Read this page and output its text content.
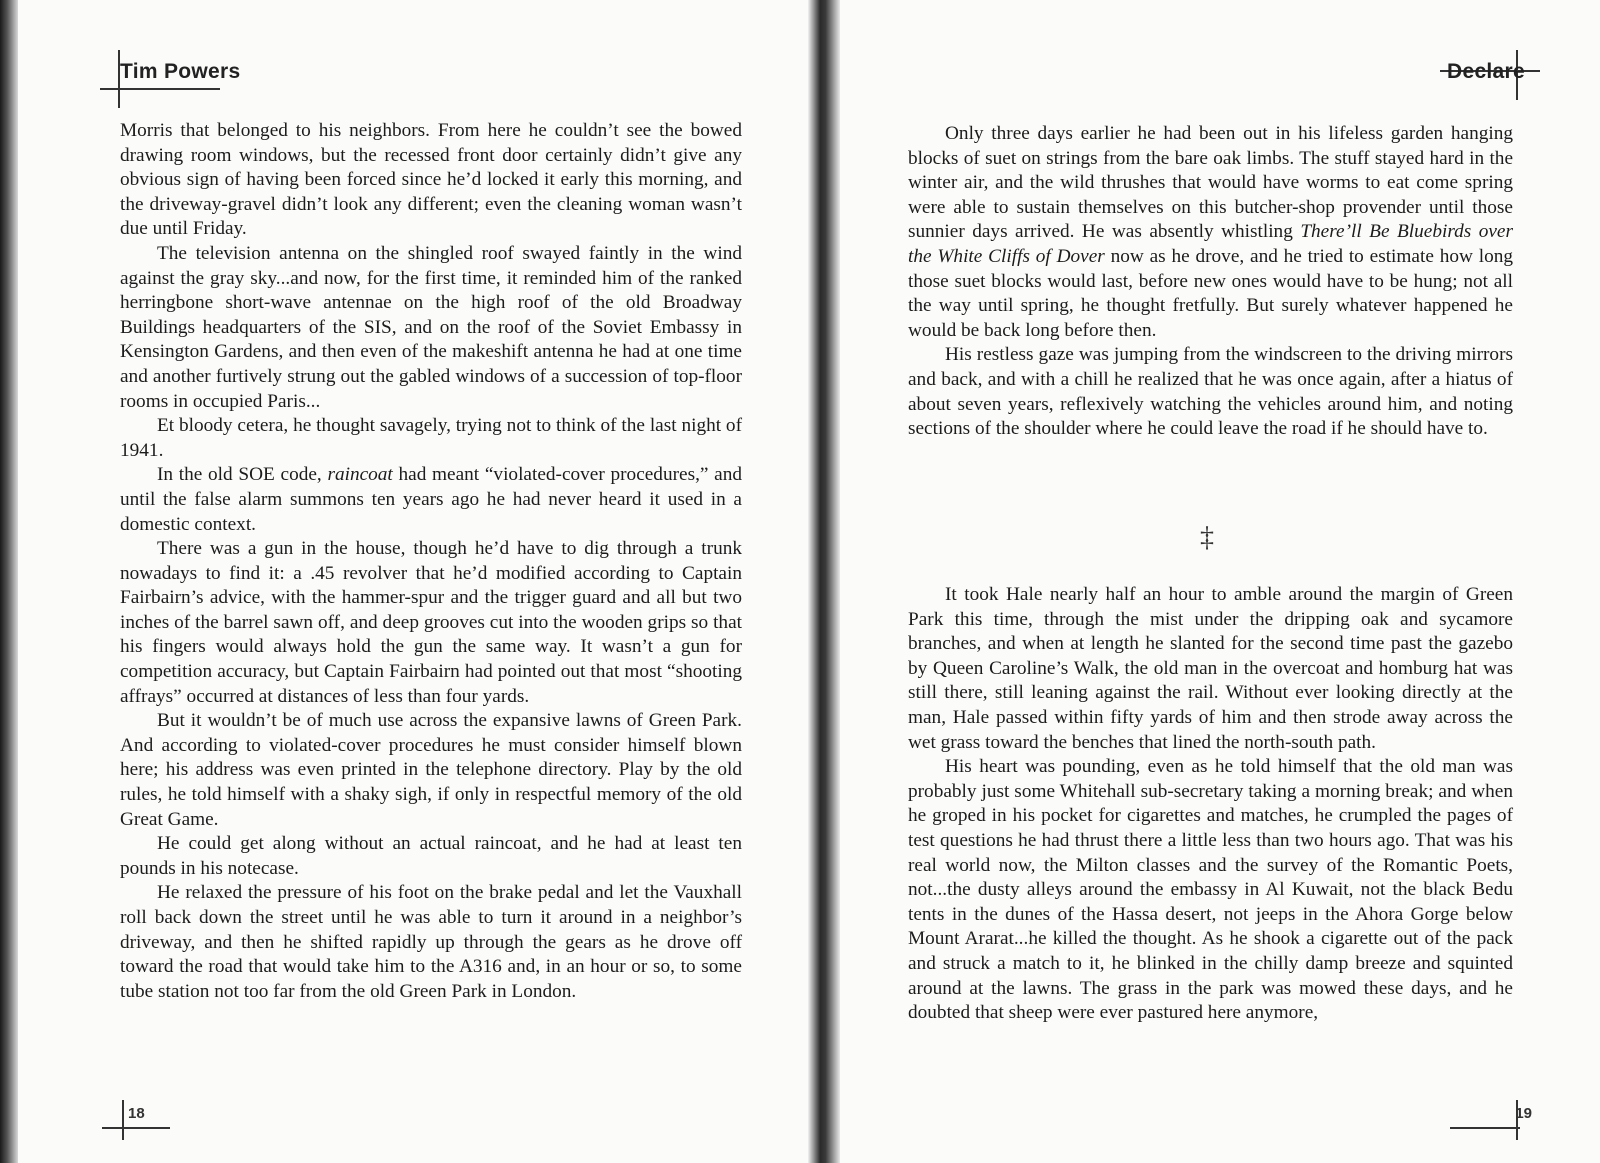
Tim Powers

Morris that belonged to his neighbors. From here he couldn’t see the bowed drawing room windows, but the recessed front door certainly didn’t give any obvious sign of having been forced since he’d locked it early this morning, and the driveway-gravel didn’t look any different; even the cleaning woman wasn’t due until Friday.

The television antenna on the shingled roof swayed faintly in the wind against the gray sky...and now, for the first time, it reminded him of the ranked herringbone short-wave antennae on the high roof of the old Broadway Buildings headquarters of the SIS, and on the roof of the Soviet Embassy in Kensington Gardens, and then even of the makeshift antenna he had at one time and another furtively strung out the gabled windows of a succession of top-floor rooms in occupied Paris...

Et bloody cetera, he thought savagely, trying not to think of the last night of 1941.

In the old SOE code, raincoat had meant “violated-cover procedures,” and until the false alarm summons ten years ago he had never heard it used in a domestic context.

There was a gun in the house, though he’d have to dig through a trunk nowadays to find it: a .45 revolver that he’d modified according to Captain Fairbairn’s advice, with the hammer-spur and the trigger guard and all but two inches of the barrel sawn off, and deep grooves cut into the wooden grips so that his fingers would always hold the gun the same way. It wasn’t a gun for competition accuracy, but Captain Fairbairn had pointed out that most “shooting affrays” occurred at distances of less than four yards.

But it wouldn’t be of much use across the expansive lawns of Green Park. And according to violated-cover procedures he must consider himself blown here; his address was even printed in the telephone directory. Play by the old rules, he told himself with a shaky sigh, if only in respectful memory of the old Great Game.

He could get along without an actual raincoat, and he had at least ten pounds in his notecase.

He relaxed the pressure of his foot on the brake pedal and let the Vauxhall roll back down the street until he was able to turn it around in a neighbor’s driveway, and then he shifted rapidly up through the gears as he drove off toward the road that would take him to the A316 and, in an hour or so, to some tube station not too far from the old Green Park in London.

18
Declare

Only three days earlier he had been out in his lifeless garden hanging blocks of suet on strings from the bare oak limbs. The stuff stayed hard in the winter air, and the wild thrushes that would have worms to eat come spring were able to sustain themselves on this butcher-shop provender until those sunnier days arrived. He was absently whistling There’ll Be Bluebirds over the White Cliffs of Dover now as he drove, and he tried to estimate how long those suet blocks would last, before new ones would have to be hung; not all the way until spring, he thought fretfully. But surely whatever happened he would be back long before then.

His restless gaze was jumping from the windscreen to the driving mirrors and back, and with a chill he realized that he was once again, after a hiatus of about seven years, reflexively watching the vehicles around him, and noting sections of the shoulder where he could leave the road if he should have to.

‡

It took Hale nearly half an hour to amble around the margin of Green Park this time, through the mist under the dripping oak and sycamore branches, and when at length he slanted for the second time past the gazebo by Queen Caroline’s Walk, the old man in the overcoat and homburg hat was still there, still leaning against the rail. Without ever looking directly at the man, Hale passed within fifty yards of him and then strode away across the wet grass toward the benches that lined the north-south path.

His heart was pounding, even as he told himself that the old man was probably just some Whitehall sub-secretary taking a morning break; and when he groped in his pocket for cigarettes and matches, he crumpled the pages of test questions he had thrust there a little less than two hours ago. That was his real world now, the Milton classes and the survey of the Romantic Poets, not...the dusty alleys around the embassy in Al Kuwait, not the black Bedu tents in the dunes of the Hassa desert, not jeeps in the Ahora Gorge below Mount Ararat...he killed the thought. As he shook a cigarette out of the pack and struck a match to it, he blinked in the chilly damp breeze and squinted around at the lawns. The grass in the park was mowed these days, and he doubted that sheep were ever pastured here anymore,

19
